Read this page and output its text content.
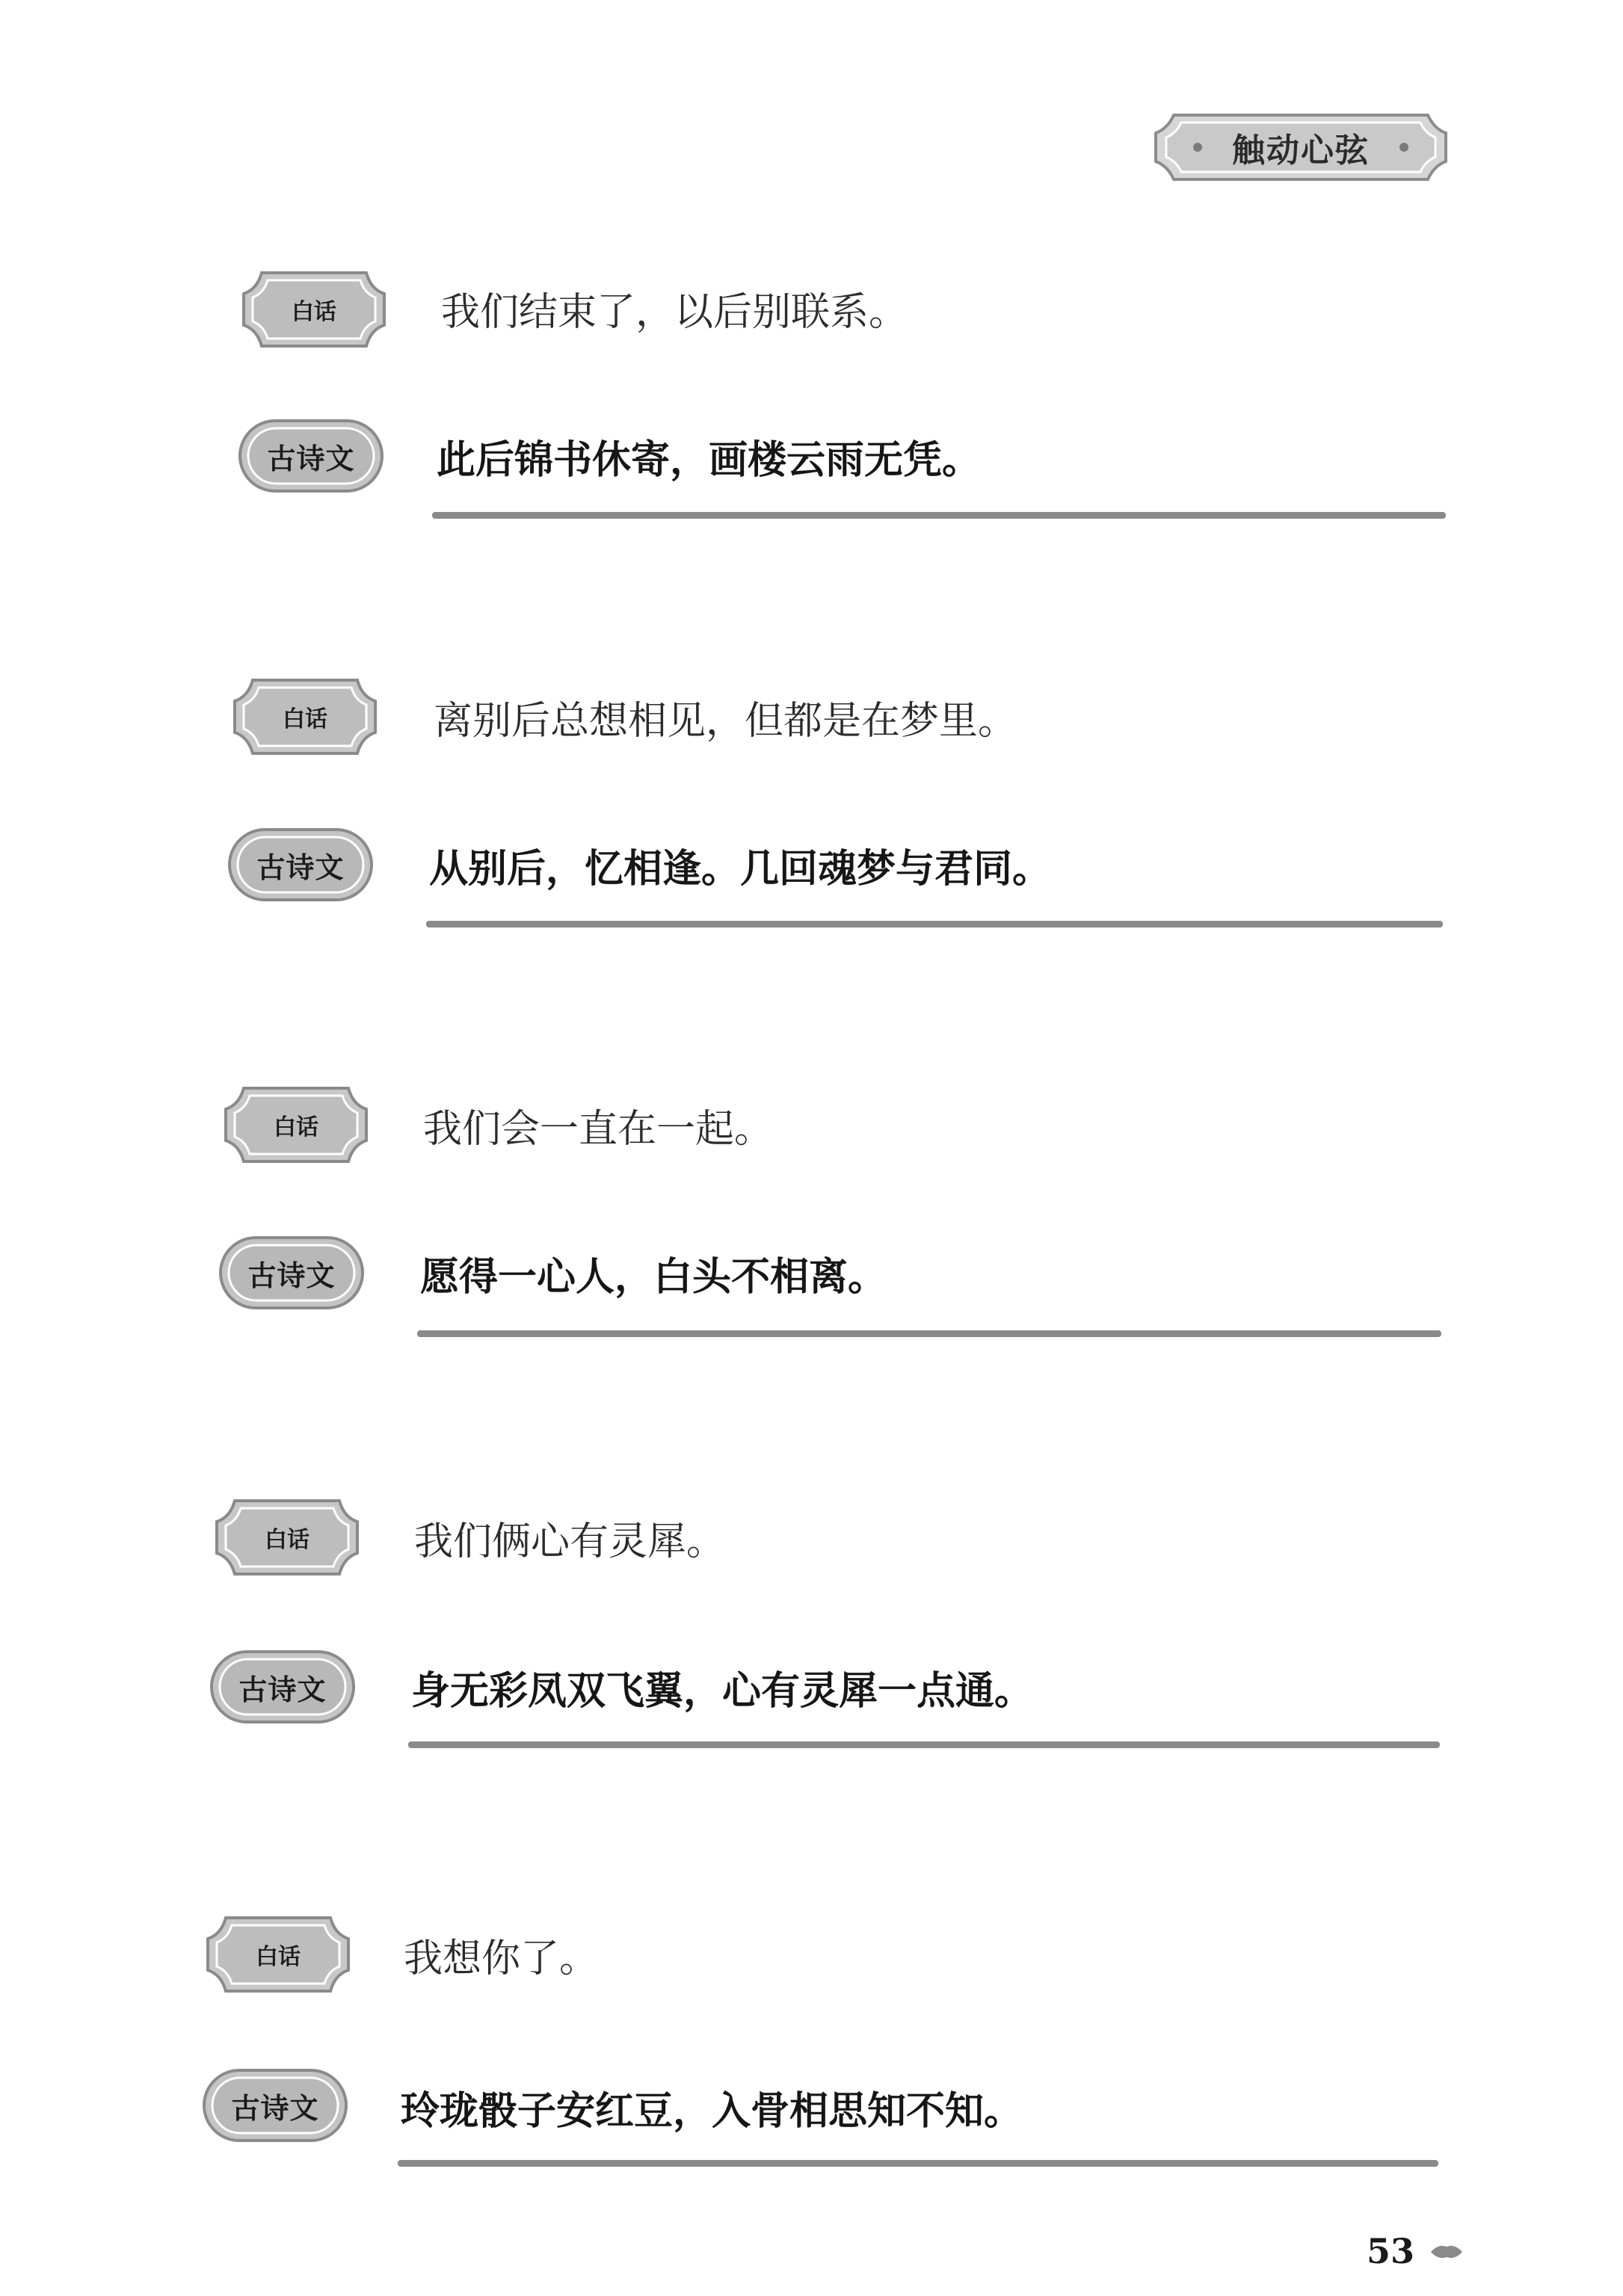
触动心弦
白话	我们结束了，以后别联系。
古诗文	此后锦书休寄，画楼云雨无凭。
白话	离别后总想相见，但都是在梦里。
古诗文	从别后，忆相逢。几回魂梦与君同。
白话	我们会一直在一起。
古诗文	愿得一心人，白头不相离。
白话	我们俩心有灵犀。
古诗文	身无彩凤双飞翼，心有灵犀一点通。
白话	我想你了。
古诗文	玲珑骰子安红豆，入骨相思知不知。
53
